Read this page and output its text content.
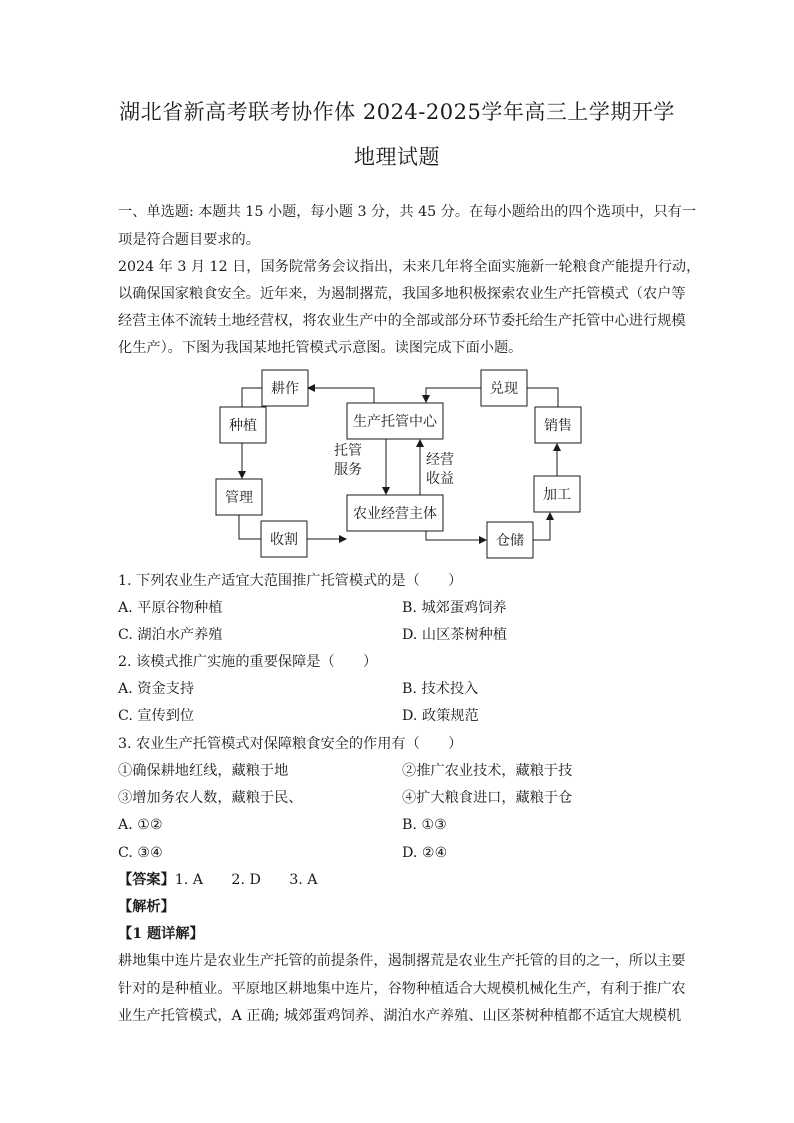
湖北省新高考联考协作体 2024-2025学年高三上学期开学
地理试题
一、单选题: 本题共 15 小题，每小题 3 分，共 45 分。在每小题给出的四个选项中，只有一
项是符合题目要求的。
2024 年 3 月 12 日，国务院常务会议指出，未来几年将全面实施新一轮粮食产能提升行动，
以确保国家粮食安全。近年来，为遏制撂荒，我国多地积极探索农业生产托管模式（农户等
经营主体不流转土地经营权，将农业生产中的全部或部分环节委托给生产托管中心进行规模
化生产）。下图为我国某地托管模式示意图。读图完成下面小题。
耕作
种植
管理
收割
生产托管中心
农业经营主体
兑现
销售
加工
仓储
托管
服务
经营
收益
1. 下列农业生产适宜大范围推广托管模式的是（　　）
A. 平原谷物种植	B. 城郊蛋鸡饲养
C. 湖泊水产养殖	D. 山区茶树种植
2. 该模式推广实施的重要保障是（　　）
A. 资金支持	B. 技术投入
C. 宣传到位	D. 政策规范
3. 农业生产托管模式对保障粮食安全的作用有（　　）
①确保耕地红线，藏粮于地	②推广农业技术，藏粮于技
③增加务农人数，藏粮于民、	④扩大粮食进口，藏粮于仓
A. ①②	B. ①③
C. ③④	D. ②④
【答案】1. A　　2. D　　3. A
【解析】
【1 题详解】
耕地集中连片是农业生产托管的前提条件，遏制撂荒是农业生产托管的目的之一，所以主要
针对的是种植业。平原地区耕地集中连片，谷物种植适合大规模机械化生产，有利于推广农
业生产托管模式，A 正确; 城郊蛋鸡饲养、湖泊水产养殖、山区茶树种植都不适宜大规模机
